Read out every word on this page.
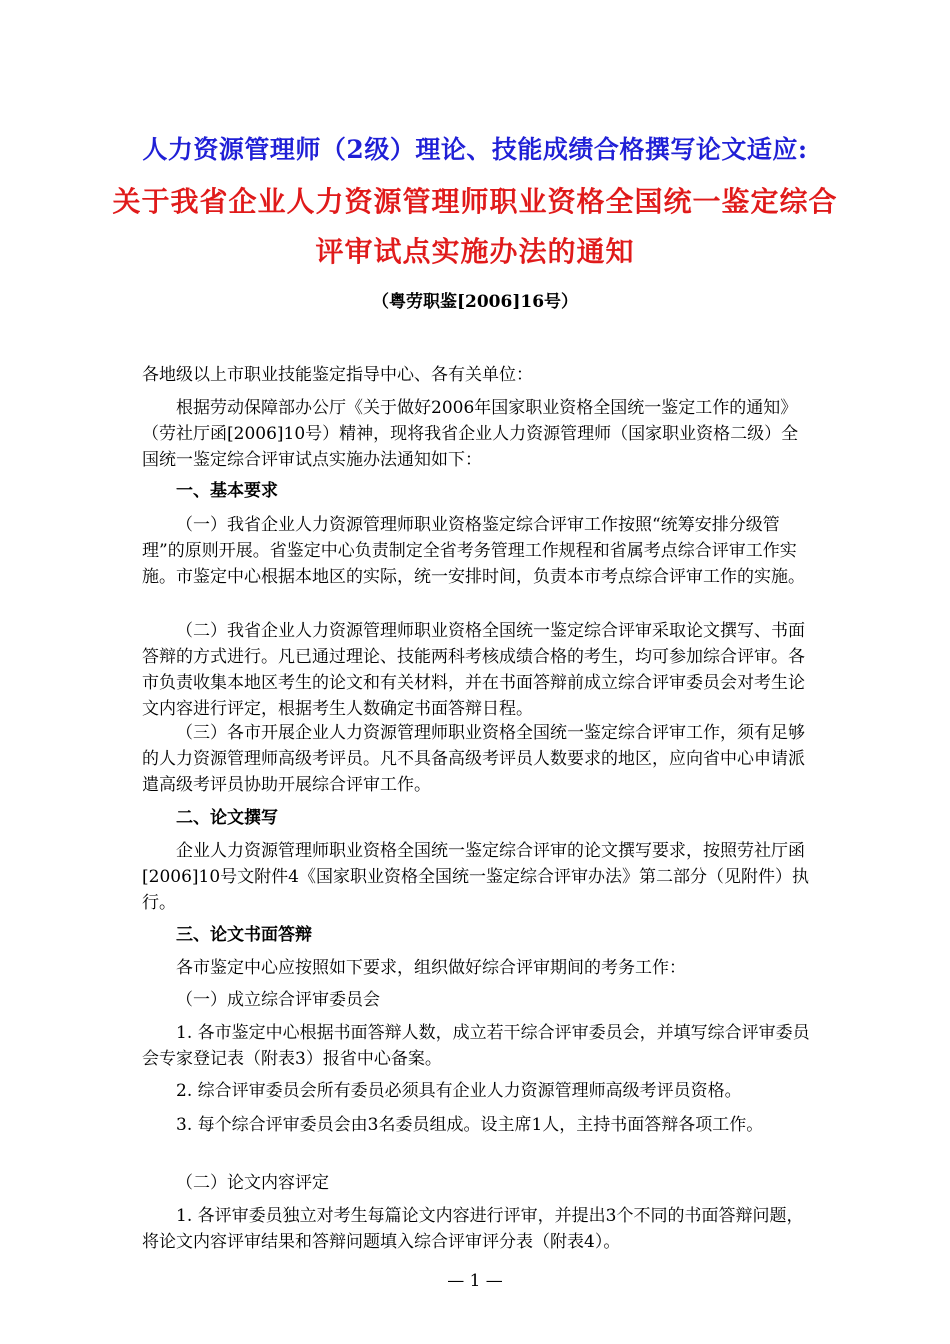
人力资源管理师（2级）理论、技能成绩合格撰写论文适应:
关于我省企业人力资源管理师职业资格全国统一鉴定综合
评审试点实施办法的通知
（粤劳职鉴[2006]16号）

各地级以上市职业技能鉴定指导中心、各有关单位：

根据劳动保障部办公厅《关于做好2006年国家职业资格全国统一鉴定工作的通知》（劳社厅函[2006]10号）精神，现将我省企业人力资源管理师（国家职业资格二级）全国统一鉴定综合评审试点实施办法通知如下：

一、基本要求

（一）我省企业人力资源管理师职业资格鉴定综合评审工作按照“统筹安排分级管理”的原则开展。省鉴定中心负责制定全省考务管理工作规程和省属考点综合评审工作实施。市鉴定中心根据本地区的实际，统一安排时间，负责本市考点综合评审工作的实施。

（二）我省企业人力资源管理师职业资格全国统一鉴定综合评审采取论文撰写、书面答辩的方式进行。凡已通过理论、技能两科考核成绩合格的考生，均可参加综合评审。各市负责收集本地区考生的论文和有关材料，并在书面答辩前成立综合评审委员会对考生论文内容进行评定，根据考生人数确定书面答辩日程。

（三）各市开展企业人力资源管理师职业资格全国统一鉴定综合评审工作，须有足够的人力资源管理师高级考评员。凡不具备高级考评员人数要求的地区，应向省中心申请派遣高级考评员协助开展综合评审工作。

二、论文撰写

企业人力资源管理师职业资格全国统一鉴定综合评审的论文撰写要求，按照劳社厅函[2006]10号文附件4《国家职业资格全国统一鉴定综合评审办法》第二部分（见附件）执行。

三、论文书面答辩

各市鉴定中心应按照如下要求，组织做好综合评审期间的考务工作：

（一）成立综合评审委员会

1. 各市鉴定中心根据书面答辩人数，成立若干综合评审委员会，并填写综合评审委员会专家登记表（附表3）报省中心备案。

2. 综合评审委员会所有委员必须具有企业人力资源管理师高级考评员资格。

3. 每个综合评审委员会由3名委员组成。设主席1人，主持书面答辩各项工作。

（二）论文内容评定

1. 各评审委员独立对考生每篇论文内容进行评审，并提出3个不同的书面答辩问题，将论文内容评审结果和答辩问题填入综合评审评分表（附表4）。

— 1 —
